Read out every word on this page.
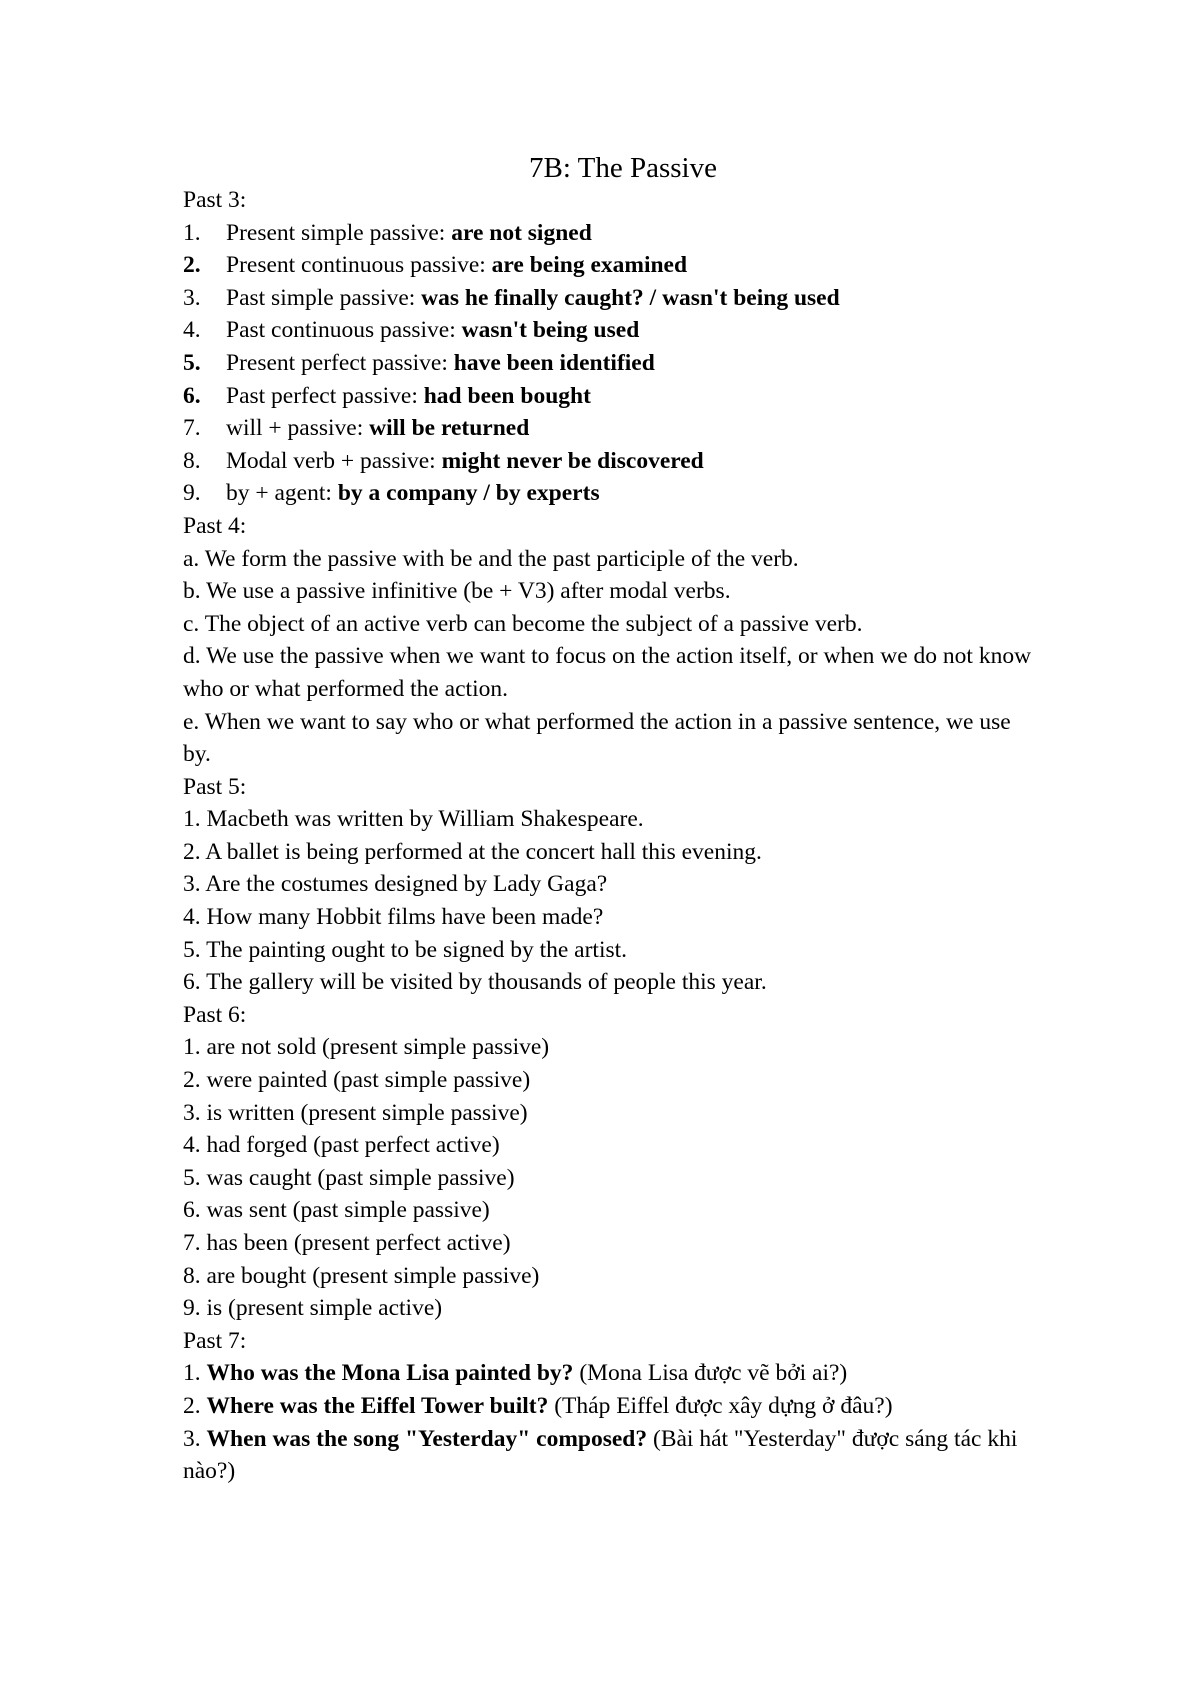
7B: The Passive
Past 3:
1. Present simple passive: are not signed
2. Present continuous passive: are being examined
3. Past simple passive: was he finally caught? / wasn't being used
4. Past continuous passive: wasn't being used
5. Present perfect passive: have been identified
6. Past perfect passive: had been bought
7. will + passive: will be returned
8. Modal verb + passive: might never be discovered
9. by + agent: by a company / by experts
Past 4:
a. We form the passive with be and the past participle of the verb.
b. We use a passive infinitive (be + V3) after modal verbs.
c. The object of an active verb can become the subject of a passive verb.
d. We use the passive when we want to focus on the action itself, or when we do not know who or what performed the action.
e. When we want to say who or what performed the action in a passive sentence, we use by.
Past 5:
1. Macbeth was written by William Shakespeare.
2. A ballet is being performed at the concert hall this evening.
3. Are the costumes designed by Lady Gaga?
4. How many Hobbit films have been made?
5. The painting ought to be signed by the artist.
6. The gallery will be visited by thousands of people this year.
Past 6:
1. are not sold (present simple passive)
2. were painted (past simple passive)
3. is written (present simple passive)
4. had forged (past perfect active)
5. was caught (past simple passive)
6. was sent (past simple passive)
7. has been (present perfect active)
8. are bought (present simple passive)
9. is (present simple active)
Past 7:
1. Who was the Mona Lisa painted by? (Mona Lisa được vẽ bởi ai?)
2. Where was the Eiffel Tower built? (Tháp Eiffel được xây dựng ở đâu?)
3. When was the song "Yesterday" composed? (Bài hát "Yesterday" được sáng tác khi nào?)
